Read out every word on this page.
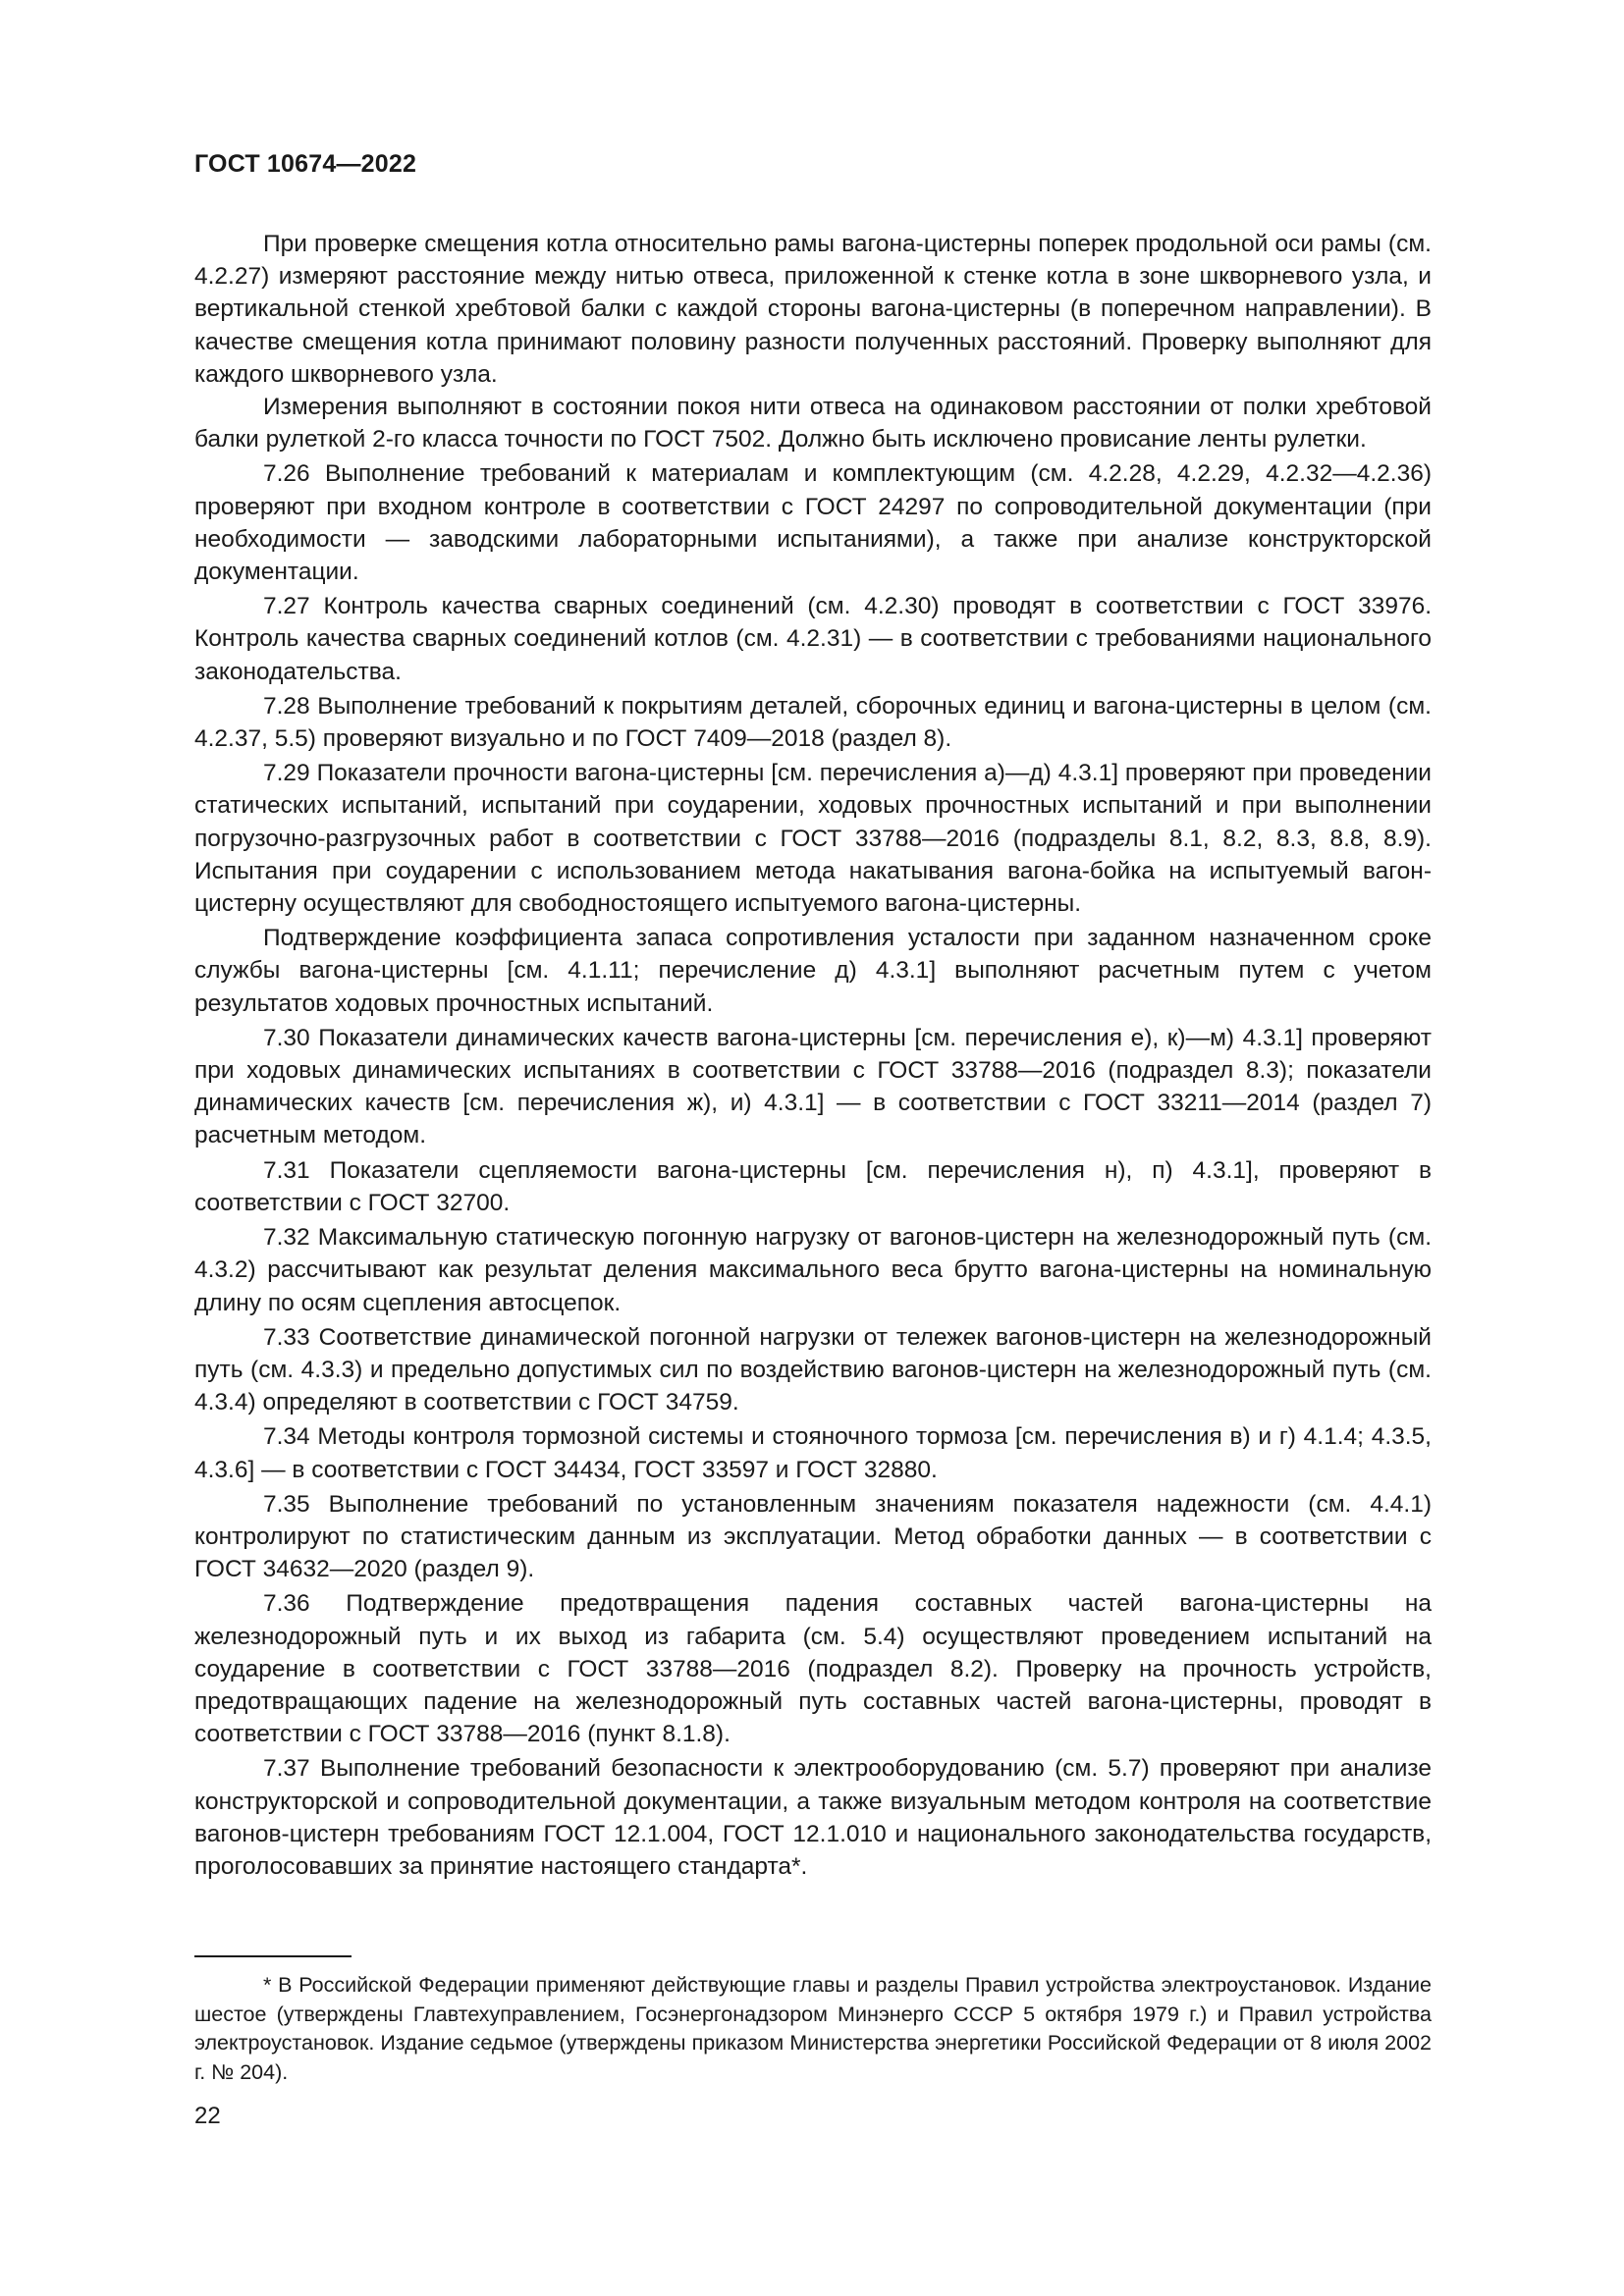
ГОСТ 10674—2022

При проверке смещения котла относительно рамы вагона-цистерны поперек продольной оси рамы (см. 4.2.27) измеряют расстояние между нитью отвеса, приложенной к стенке котла в зоне шкворневого узла, и вертикальной стенкой хребтовой балки с каждой стороны вагона-цистерны (в поперечном направлении). В качестве смещения котла принимают половину разности полученных расстояний. Проверку выполняют для каждого шкворневого узла.

Измерения выполняют в состоянии покоя нити отвеса на одинаковом расстоянии от полки хребтовой балки рулеткой 2-го класса точности по ГОСТ 7502. Должно быть исключено провисание ленты рулетки.

7.26 Выполнение требований к материалам и комплектующим (см. 4.2.28, 4.2.29, 4.2.32—4.2.36) проверяют при входном контроле в соответствии с ГОСТ 24297 по сопроводительной документации (при необходимости — заводскими лабораторными испытаниями), а также при анализе конструкторской документации.

7.27 Контроль качества сварных соединений (см. 4.2.30) проводят в соответствии с ГОСТ 33976. Контроль качества сварных соединений котлов (см. 4.2.31) — в соответствии с требованиями национального законодательства.

7.28 Выполнение требований к покрытиям деталей, сборочных единиц и вагона-цистерны в целом (см. 4.2.37, 5.5) проверяют визуально и по ГОСТ 7409—2018 (раздел 8).

7.29 Показатели прочности вагона-цистерны [см. перечисления а)—д) 4.3.1] проверяют при проведении статических испытаний, испытаний при соударении, ходовых прочностных испытаний и при выполнении погрузочно-разгрузочных работ в соответствии с ГОСТ 33788—2016 (подразделы 8.1, 8.2, 8.3, 8.8, 8.9). Испытания при соударении с использованием метода накатывания вагона-бойка на испытуемый вагон-цистерну осуществляют для свободностоящего испытуемого вагона-цистерны.

Подтверждение коэффициента запаса сопротивления усталости при заданном назначенном сроке службы вагона-цистерны [см. 4.1.11; перечисление д) 4.3.1] выполняют расчетным путем с учетом результатов ходовых прочностных испытаний.

7.30 Показатели динамических качеств вагона-цистерны [см. перечисления е), к)—м) 4.3.1] проверяют при ходовых динамических испытаниях в соответствии с ГОСТ 33788—2016 (подраздел 8.3); показатели динамических качеств [см. перечисления ж), и) 4.3.1] — в соответствии с ГОСТ 33211—2014 (раздел 7) расчетным методом.

7.31 Показатели сцепляемости вагона-цистерны [см. перечисления н), п) 4.3.1], проверяют в соответствии с ГОСТ 32700.

7.32 Максимальную статическую погонную нагрузку от вагонов-цистерн на железнодорожный путь (см. 4.3.2) рассчитывают как результат деления максимального веса брутто вагона-цистерны на номинальную длину по осям сцепления автосцепок.

7.33 Соответствие динамической погонной нагрузки от тележек вагонов-цистерн на железнодорожный путь (см. 4.3.3) и предельно допустимых сил по воздействию вагонов-цистерн на железнодорожный путь (см. 4.3.4) определяют в соответствии с ГОСТ 34759.

7.34 Методы контроля тормозной системы и стояночного тормоза [см. перечисления в) и г) 4.1.4; 4.3.5, 4.3.6] — в соответствии с ГОСТ 34434, ГОСТ 33597 и ГОСТ 32880.

7.35 Выполнение требований по установленным значениям показателя надежности (см. 4.4.1) контролируют по статистическим данным из эксплуатации. Метод обработки данных — в соответствии с ГОСТ 34632—2020 (раздел 9).

7.36 Подтверждение предотвращения падения составных частей вагона-цистерны на железнодорожный путь и их выход из габарита (см. 5.4) осуществляют проведением испытаний на соударение в соответствии с ГОСТ 33788—2016 (подраздел 8.2). Проверку на прочность устройств, предотвращающих падение на железнодорожный путь составных частей вагона-цистерны, проводят в соответствии с ГОСТ 33788—2016 (пункт 8.1.8).

7.37 Выполнение требований безопасности к электрооборудованию (см. 5.7) проверяют при анализе конструкторской и сопроводительной документации, а также визуальным методом контроля на соответствие вагонов-цистерн требованиям ГОСТ 12.1.004, ГОСТ 12.1.010 и национального законодательства государств, проголосовавших за принятие настоящего стандарта*.

* В Российской Федерации применяют действующие главы и разделы Правил устройства электроустановок. Издание шестое (утверждены Главтехуправлением, Госэнергонадзором Минэнерго СССР 5 октября 1979 г.) и Правил устройства электроустановок. Издание седьмое (утверждены приказом Министерства энергетики Российской Федерации от 8 июля 2002 г. № 204).

22
